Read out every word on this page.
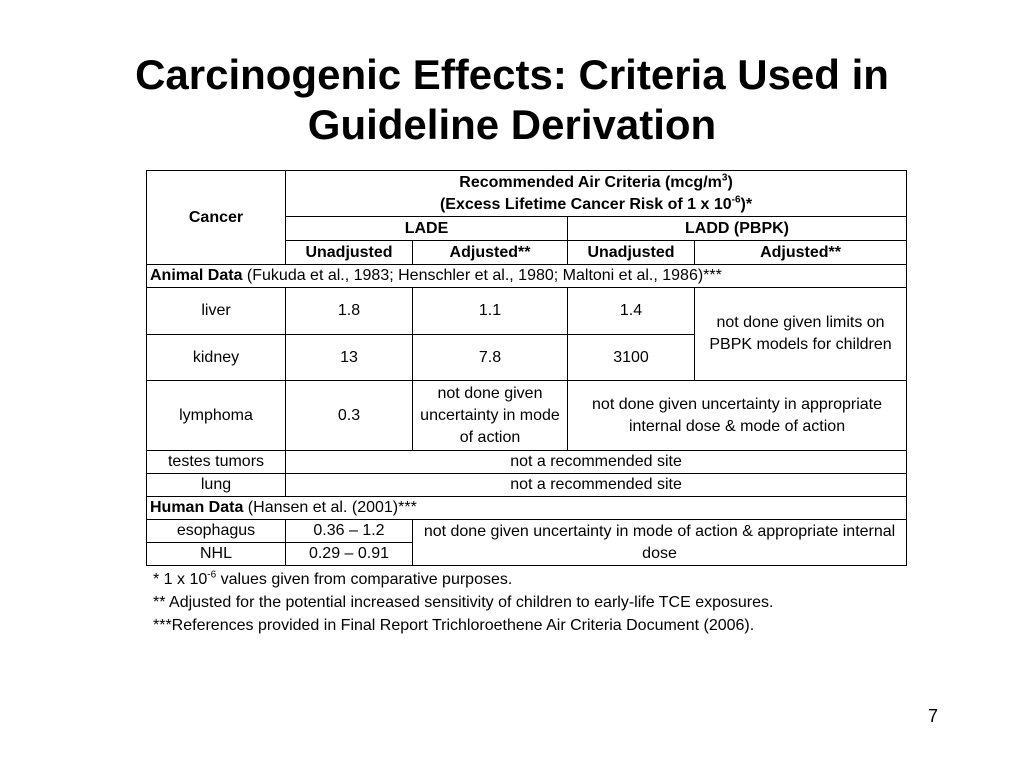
Carcinogenic Effects: Criteria Used in
Guideline Derivation
Cancer	Recommended Air Criteria $(mcg/m^3)$
(Excess Lifetime Cancer Risk of 1 x $10^{-6})*$			
	LADE		LADD (PBPK)	
	Unadjusted	Adjusted**	Unadjusted	Adjusted**
Animal Data (Fukuda et al., 1983; Henschler et al., 1980; Maltoni et al., 1986)***				
liver	1.8	1.1	1.4	not done given limits on PBPK models for children
kidney	13	7.8	3100	
lymphoma	0.3	not done given uncertainty in mode of action	not done given uncertainty in appropriate internal dose & mode of action	
testes tumors	not a recommended site			
lung	not a recommended site			
Human Data (Hansen et al. (2001)***				
esophagus	0.36 – 1.2	not done given uncertainty in mode of action & appropriate internal dose		
NHL	0.29 – 0.91			
* 1 x $10^{-6}$ values given from comparative purposes.
** Adjusted for the potential increased sensitivity of children to early-life TCE exposures.
***References provided in Final Report Trichloroethene Air Criteria Document (2006).
7
